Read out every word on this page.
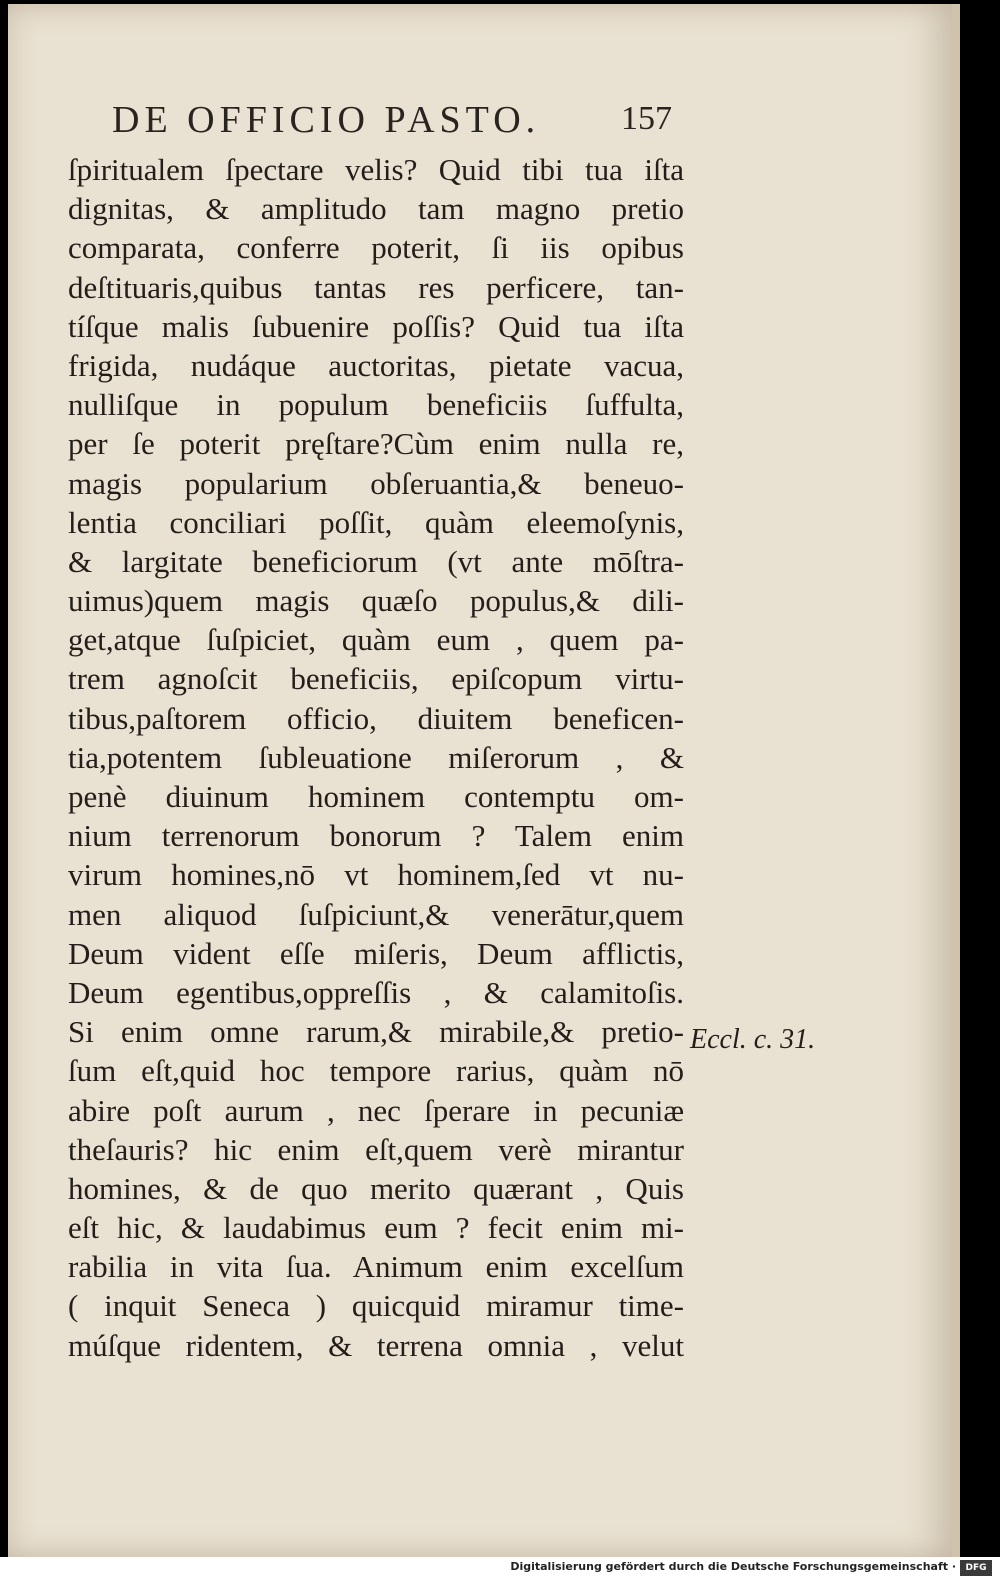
DE OFFICIO PASTO. 157
ſpiritualem ſpectare velis? Quid tibi tua iſta
dignitas, & amplitudo tam magno pretio
comparata, conferre poterit, ſi iis opibus
deſtituaris,quibus tantas res perficere, tan-
tíſque malis ſubuenire poſſis? Quid tua iſta
frigida, nudáque auctoritas, pietate vacua,
nulliſque in populum beneficiis ſuffulta,
per ſe poterit pręſtare?Cùm enim nulla re,
magis popularium obſeruantia,& beneuo-
lentia conciliari poſſit, quàm eleemoſynis,
& largitate beneficiorum (vt ante mōſtra-
uimus)quem magis quæſo populus,& dili-
get,atque ſuſpiciet, quàm eum , quem pa-
trem agnoſcit beneficiis, epiſcopum virtu-
tibus,paſtorem officio, diuitem beneficen-
tia,potentem ſubleuatione miſerorum , &
penè diuinum hominem contemptu om-
nium terrenorum bonorum ? Talem enim
virum homines,nō vt hominem,ſed vt nu-
men aliquod ſuſpiciunt,& venerātur,quem
Deum vident eſſe miſeris, Deum afflictis,
Deum egentibus,oppreſſis , & calamitoſis.
Si enim omne rarum,& mirabile,& pretio-
ſum eſt,quid hoc tempore rarius, quàm nō
abire poſt aurum , nec ſperare in pecuniæ
theſauris? hic enim eſt,quem verè mirantur
homines, & de quo merito quærant , Quis
eſt hic, & laudabimus eum ? fecit enim mi-
rabilia in vita ſua. Animum enim excelſum
( inquit Seneca ) quicquid miramur time-
múſque ridentem, & terrena omnia , velut
Eccl. c. 31.
Digitalisierung gefördert durch die Deutsche Forschungsgemeinschaft ·	DFG
